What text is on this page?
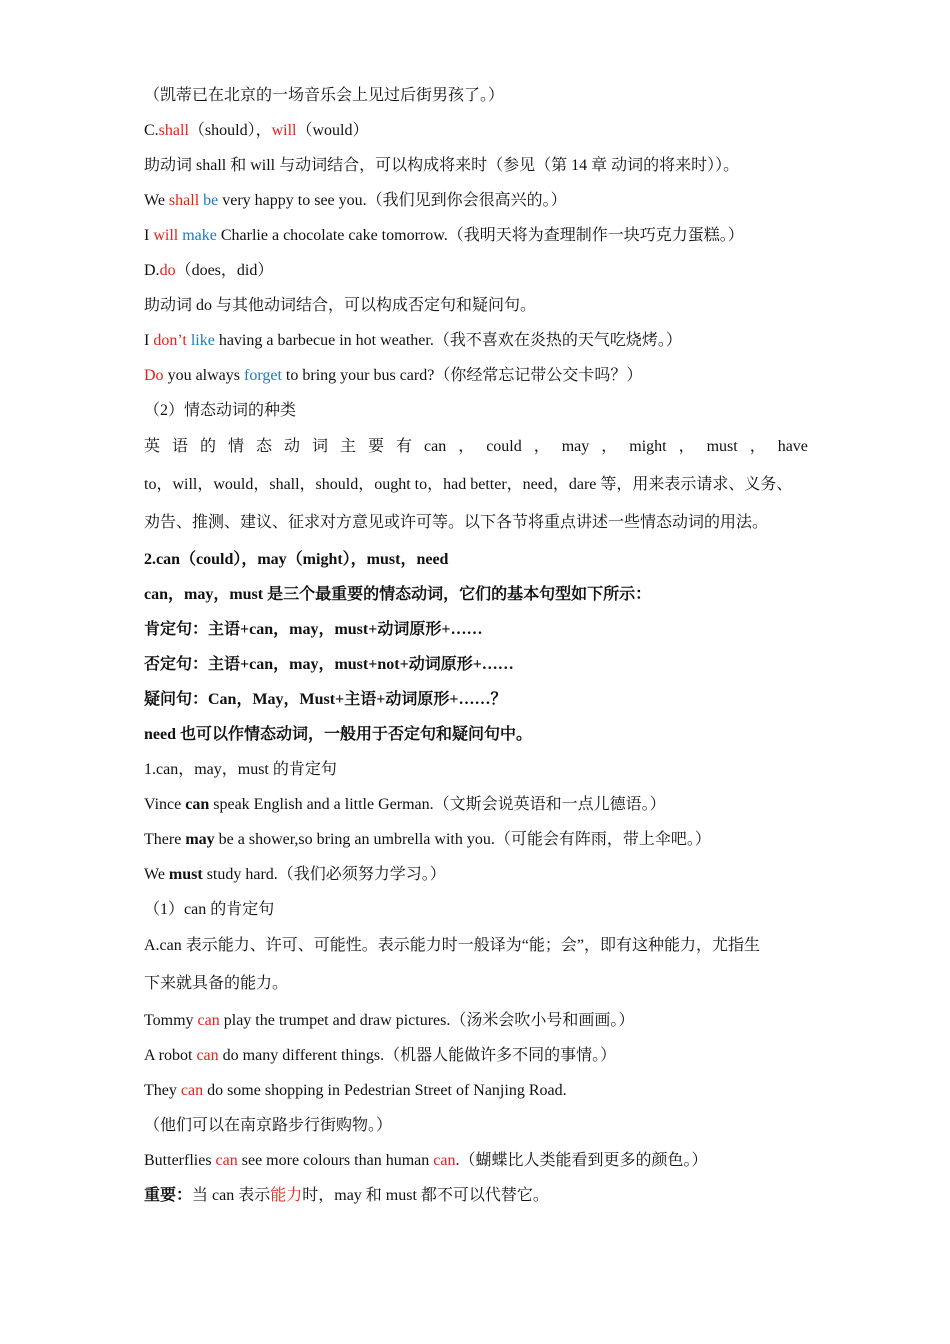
（凯蒂已在北京的一场音乐会上见过后街男孩了。）
C.shall（should），will（would）
助动词 shall 和 will 与动词结合，可以构成将来时（参见（第 14 章 动词的将来时））。
We shall be very happy to see you.（我们见到你会很高兴的。）
I will make Charlie a chocolate cake tomorrow.（我明天将为查理制作一块巧克力蛋糕。）
D.do（does，did）
助动词 do 与其他动词结合，可以构成否定句和疑问句。
I don’t like having a barbecue in hot weather.（我不喜欢在炎热的天气吃烧烤。）
Do you always forget to bring your bus card?（你经常忘记带公交卡吗？）
（2）情态动词的种类
英 语 的 情 态 动 词 主 要 有 can ， could ， may ， might ， must ， have
to，will，would，shall，should，ought to，had better，need，dare 等，用来表示请求、义务、
劝告、推测、建议、征求对方意见或许可等。以下各节将重点讲述一些情态动词的用法。
2.can（could），may（might），must，need
can，may，must 是三个最重要的情态动词，它们的基本句型如下所示：
肯定句：主语+can，may，must+动词原形+……
否定句：主语+can，may，must+not+动词原形+……
疑问句：Can，May，Must+主语+动词原形+……？
need 也可以作情态动词，一般用于否定句和疑问句中。
1.can，may，must 的肯定句
Vince can speak English and a little German.（文斯会说英语和一点儿德语。）
There may be a shower,so bring an umbrella with you.（可能会有阵雨，带上伞吧。）
We must study hard.（我们必须努力学习。）
（1）can 的肯定句
A.can 表示能力、许可、可能性。表示能力时一般译为“能；会”，即有这种能力，尤指生
下来就具备的能力。
Tommy can play the trumpet and draw pictures.（汤米会吹小号和画画。）
A robot can do many different things.（机器人能做许多不同的事情。）
They can do some shopping in Pedestrian Street of Nanjing Road.
（他们可以在南京路步行街购物。）
Butterflies can see more colours than human can.（蝴蝶比人类能看到更多的颜色。）
重要：当 can 表示能力时，may 和 must 都不可以代替它。
